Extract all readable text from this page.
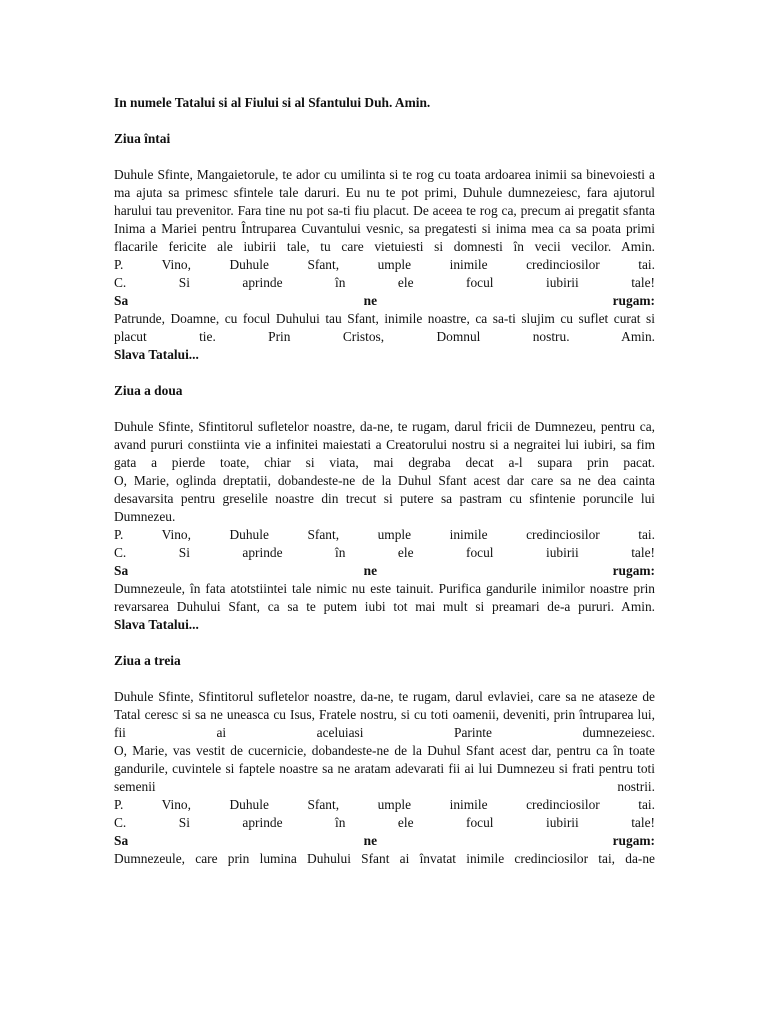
In numele Tatalui si al Fiului si al Sfantului Duh. Amin.

Ziua întai

Duhule Sfinte, Mangaietorule, te ador cu umilinta si te rog cu toata ardoarea inimii sa binevoiesti a ma ajuta sa primesc sfintele tale daruri. Eu nu te pot primi, Duhule dumnezeiesc, fara ajutorul harului tau prevenitor. Fara tine nu pot sa-ti fiu placut. De aceea te rog ca, precum ai pregatit sfanta Inima a Mariei pentru Întruparea Cuvantului vesnic, sa pregatesti si inima mea ca sa poata primi flacarile fericite ale iubirii tale, tu care vietuiesti si domnesti în vecii vecilor. Amin.

P. Vino, Duhule Sfant, umple inimile credinciosilor tai.

C. Si aprinde în ele focul iubirii tale!

Sa ne rugam:

Patrunde, Doamne, cu focul Duhului tau Sfant, inimile noastre, ca sa-ti slujim cu suflet curat si placut tie. Prin Cristos, Domnul nostru. Amin.

Slava Tatalui...

Ziua a doua

Duhule Sfinte, Sfintitorul sufletelor noastre, da-ne, te rugam, darul fricii de Dumnezeu, pentru ca, avand pururi constiinta vie a infinitei maiestati a Creatorului nostru si a negraitei lui iubiri, sa fim gata a pierde toate, chiar si viata, mai degraba decat a-l supara prin pacat.

O, Marie, oglinda dreptatii, dobandeste-ne de la Duhul Sfant acest dar care sa ne dea cainta desavarsita pentru greselile noastre din trecut si putere sa pastram cu sfintenie poruncile lui Dumnezeu.

P. Vino, Duhule Sfant, umple inimile credinciosilor tai.

C. Si aprinde în ele focul iubirii tale!

Sa ne rugam:

Dumnezeule, în fata atotstiintei tale nimic nu este tainuit. Purifica gandurile inimilor noastre prin revarsarea Duhului Sfant, ca sa te putem iubi tot mai mult si preamari de-a pururi. Amin.

Slava Tatalui...

Ziua a treia

Duhule Sfinte, Sfintitorul sufletelor noastre, da-ne, te rugam, darul evlaviei, care sa ne ataseze de Tatal ceresc si sa ne uneasca cu Isus, Fratele nostru, si cu toti oamenii, deveniti, prin întruparea lui, fii ai aceluiasi Parinte dumnezeiesc.

O, Marie, vas vestit de cucernicie, dobandeste-ne de la Duhul Sfant acest dar, pentru ca în toate gandurile, cuvintele si faptele noastre sa ne aratam adevarati fii ai lui Dumnezeu si frati pentru toti semenii nostrii.

P. Vino, Duhule Sfant, umple inimile credinciosilor tai.

C. Si aprinde în ele focul iubirii tale!

Sa ne rugam:

Dumnezeule, care prin lumina Duhului Sfant ai învatat inimile credinciosilor tai, da-ne
